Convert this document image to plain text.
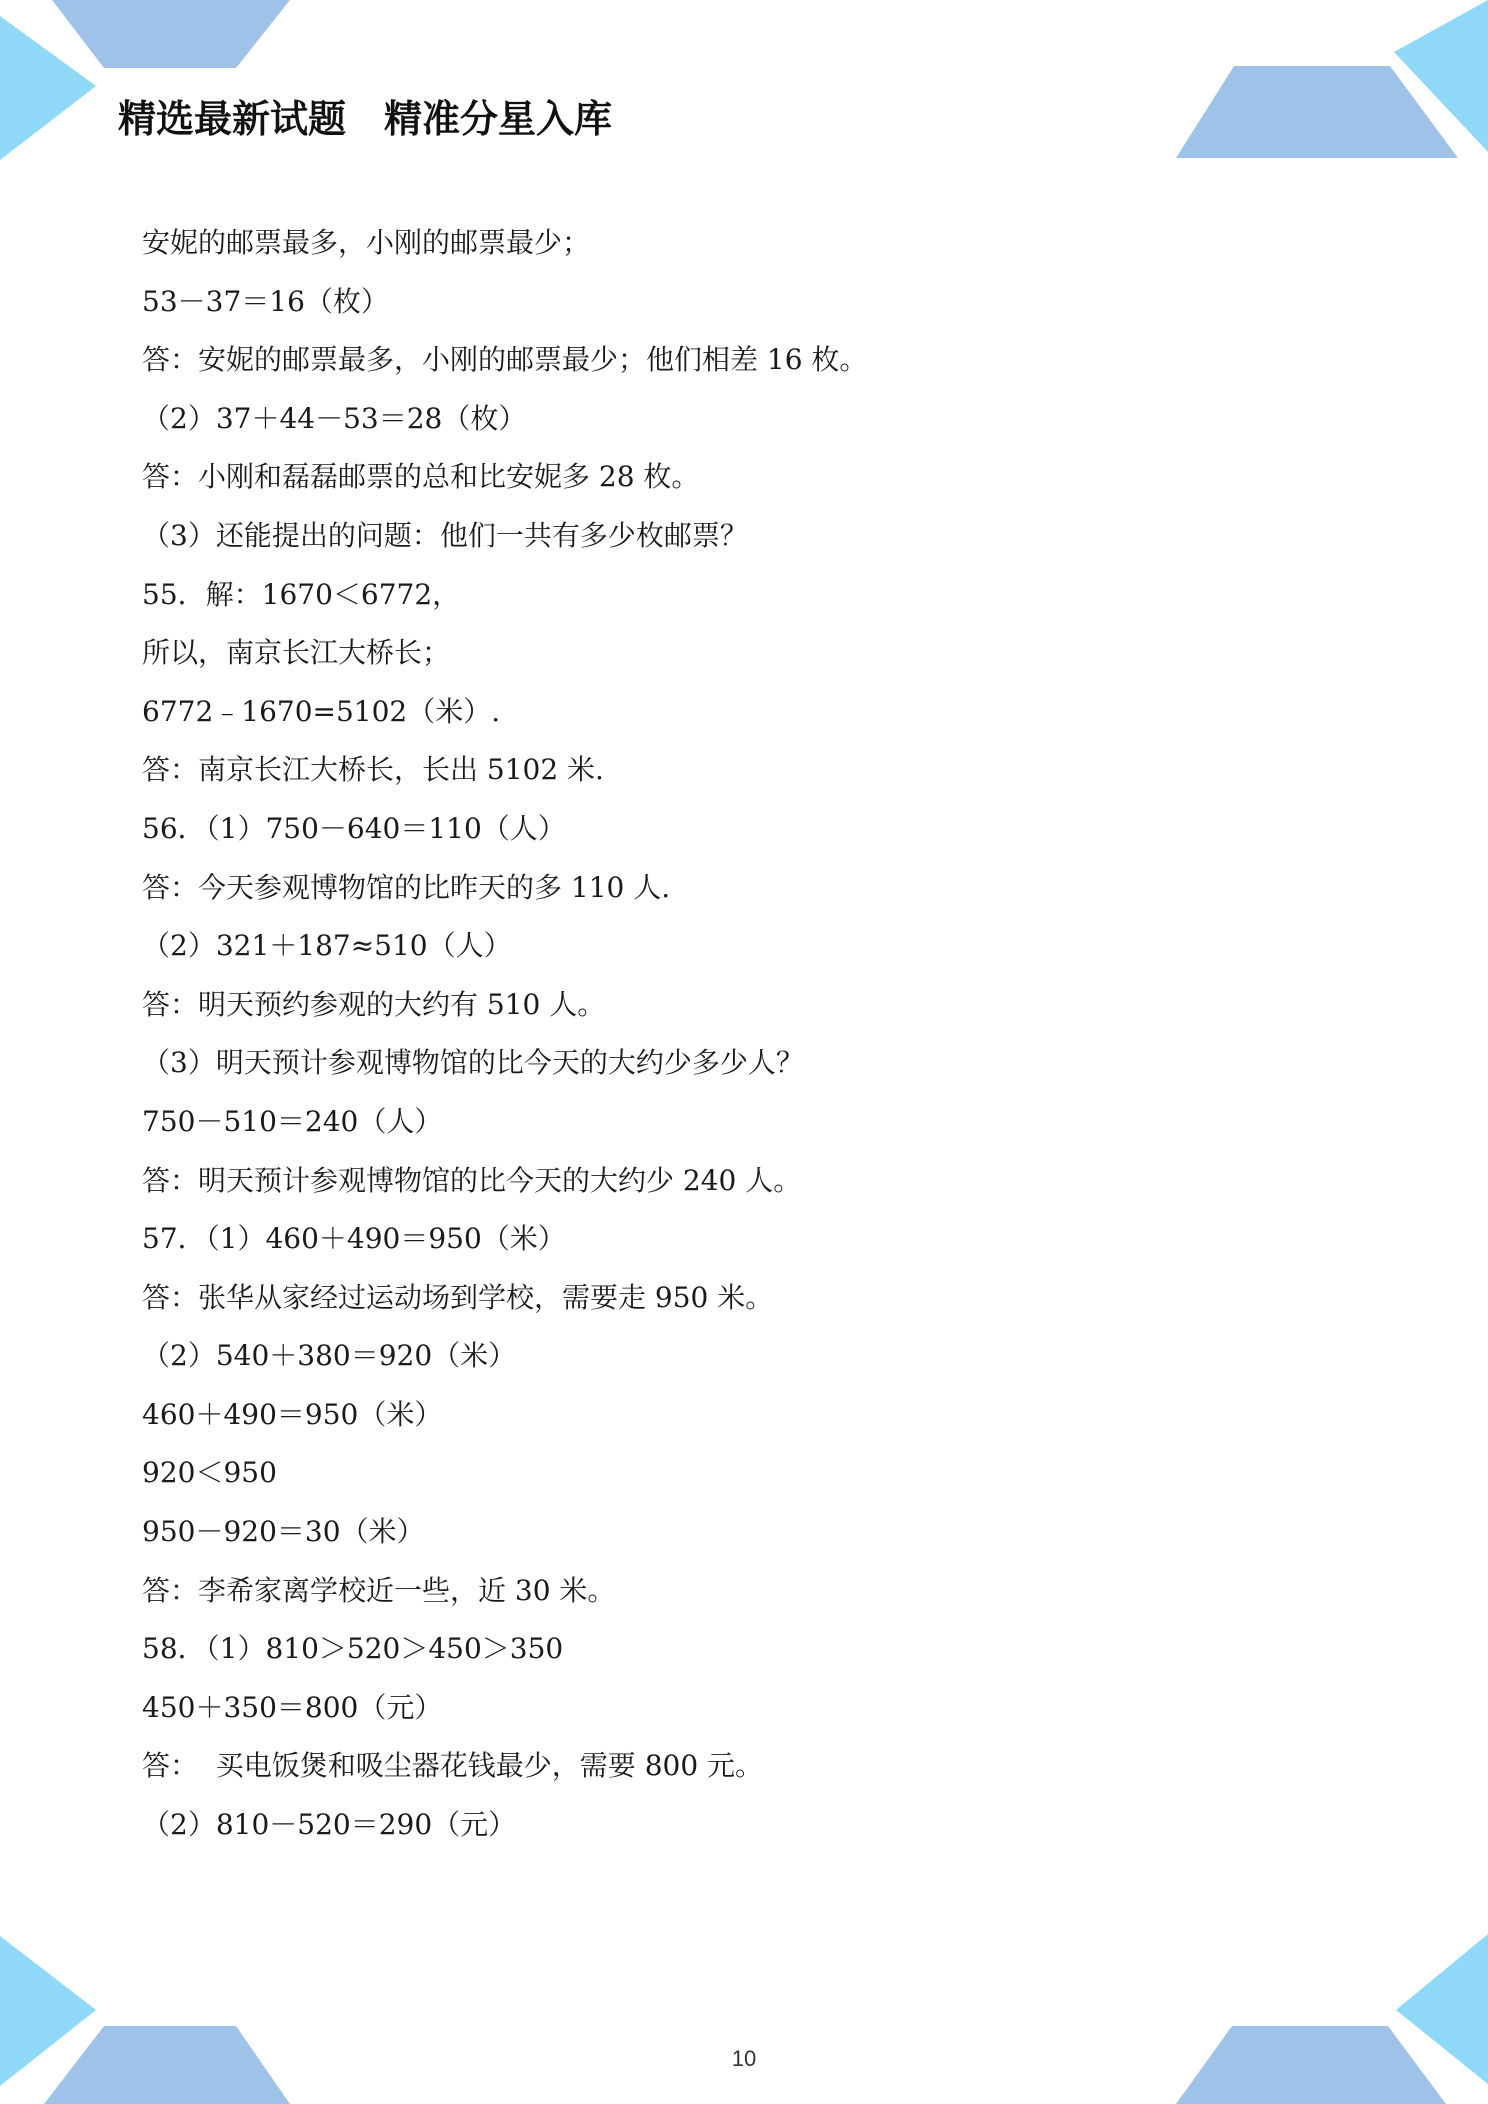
精选最新试题　精准分星入库
安妮的邮票最多，小刚的邮票最少；
53－37＝16（枚）
答：安妮的邮票最多，小刚的邮票最少；他们相差 16 枚。
（2）37＋44－53＝28（枚）
答：小刚和磊磊邮票的总和比安妮多 28 枚。
（3）还能提出的问题：他们一共有多少枚邮票？
55．解：1670＜6772，
所以，南京长江大桥长；
6772﹣1670=5102（米）.
答：南京长江大桥长，长出 5102 米.
56．（1）750－640＝110（人）
答：今天参观博物馆的比昨天的多 110 人.
（2）321＋187≈510（人）
答：明天预约参观的大约有 510 人。
（3）明天预计参观博物馆的比今天的大约少多少人？
750－510＝240（人）
答：明天预计参观博物馆的比今天的大约少 240 人。
57．（1）460＋490＝950（米）
答：张华从家经过运动场到学校，需要走 950 米。
（2）540＋380＝920（米）
460＋490＝950（米）
920＜950
950－920＝30（米）
答：李希家离学校近一些，近 30 米。
58．（1）810＞520＞450＞350
450＋350＝800（元）
答：  买电饭煲和吸尘器花钱最少，需要 800 元。
（2）810－520＝290（元）
10
